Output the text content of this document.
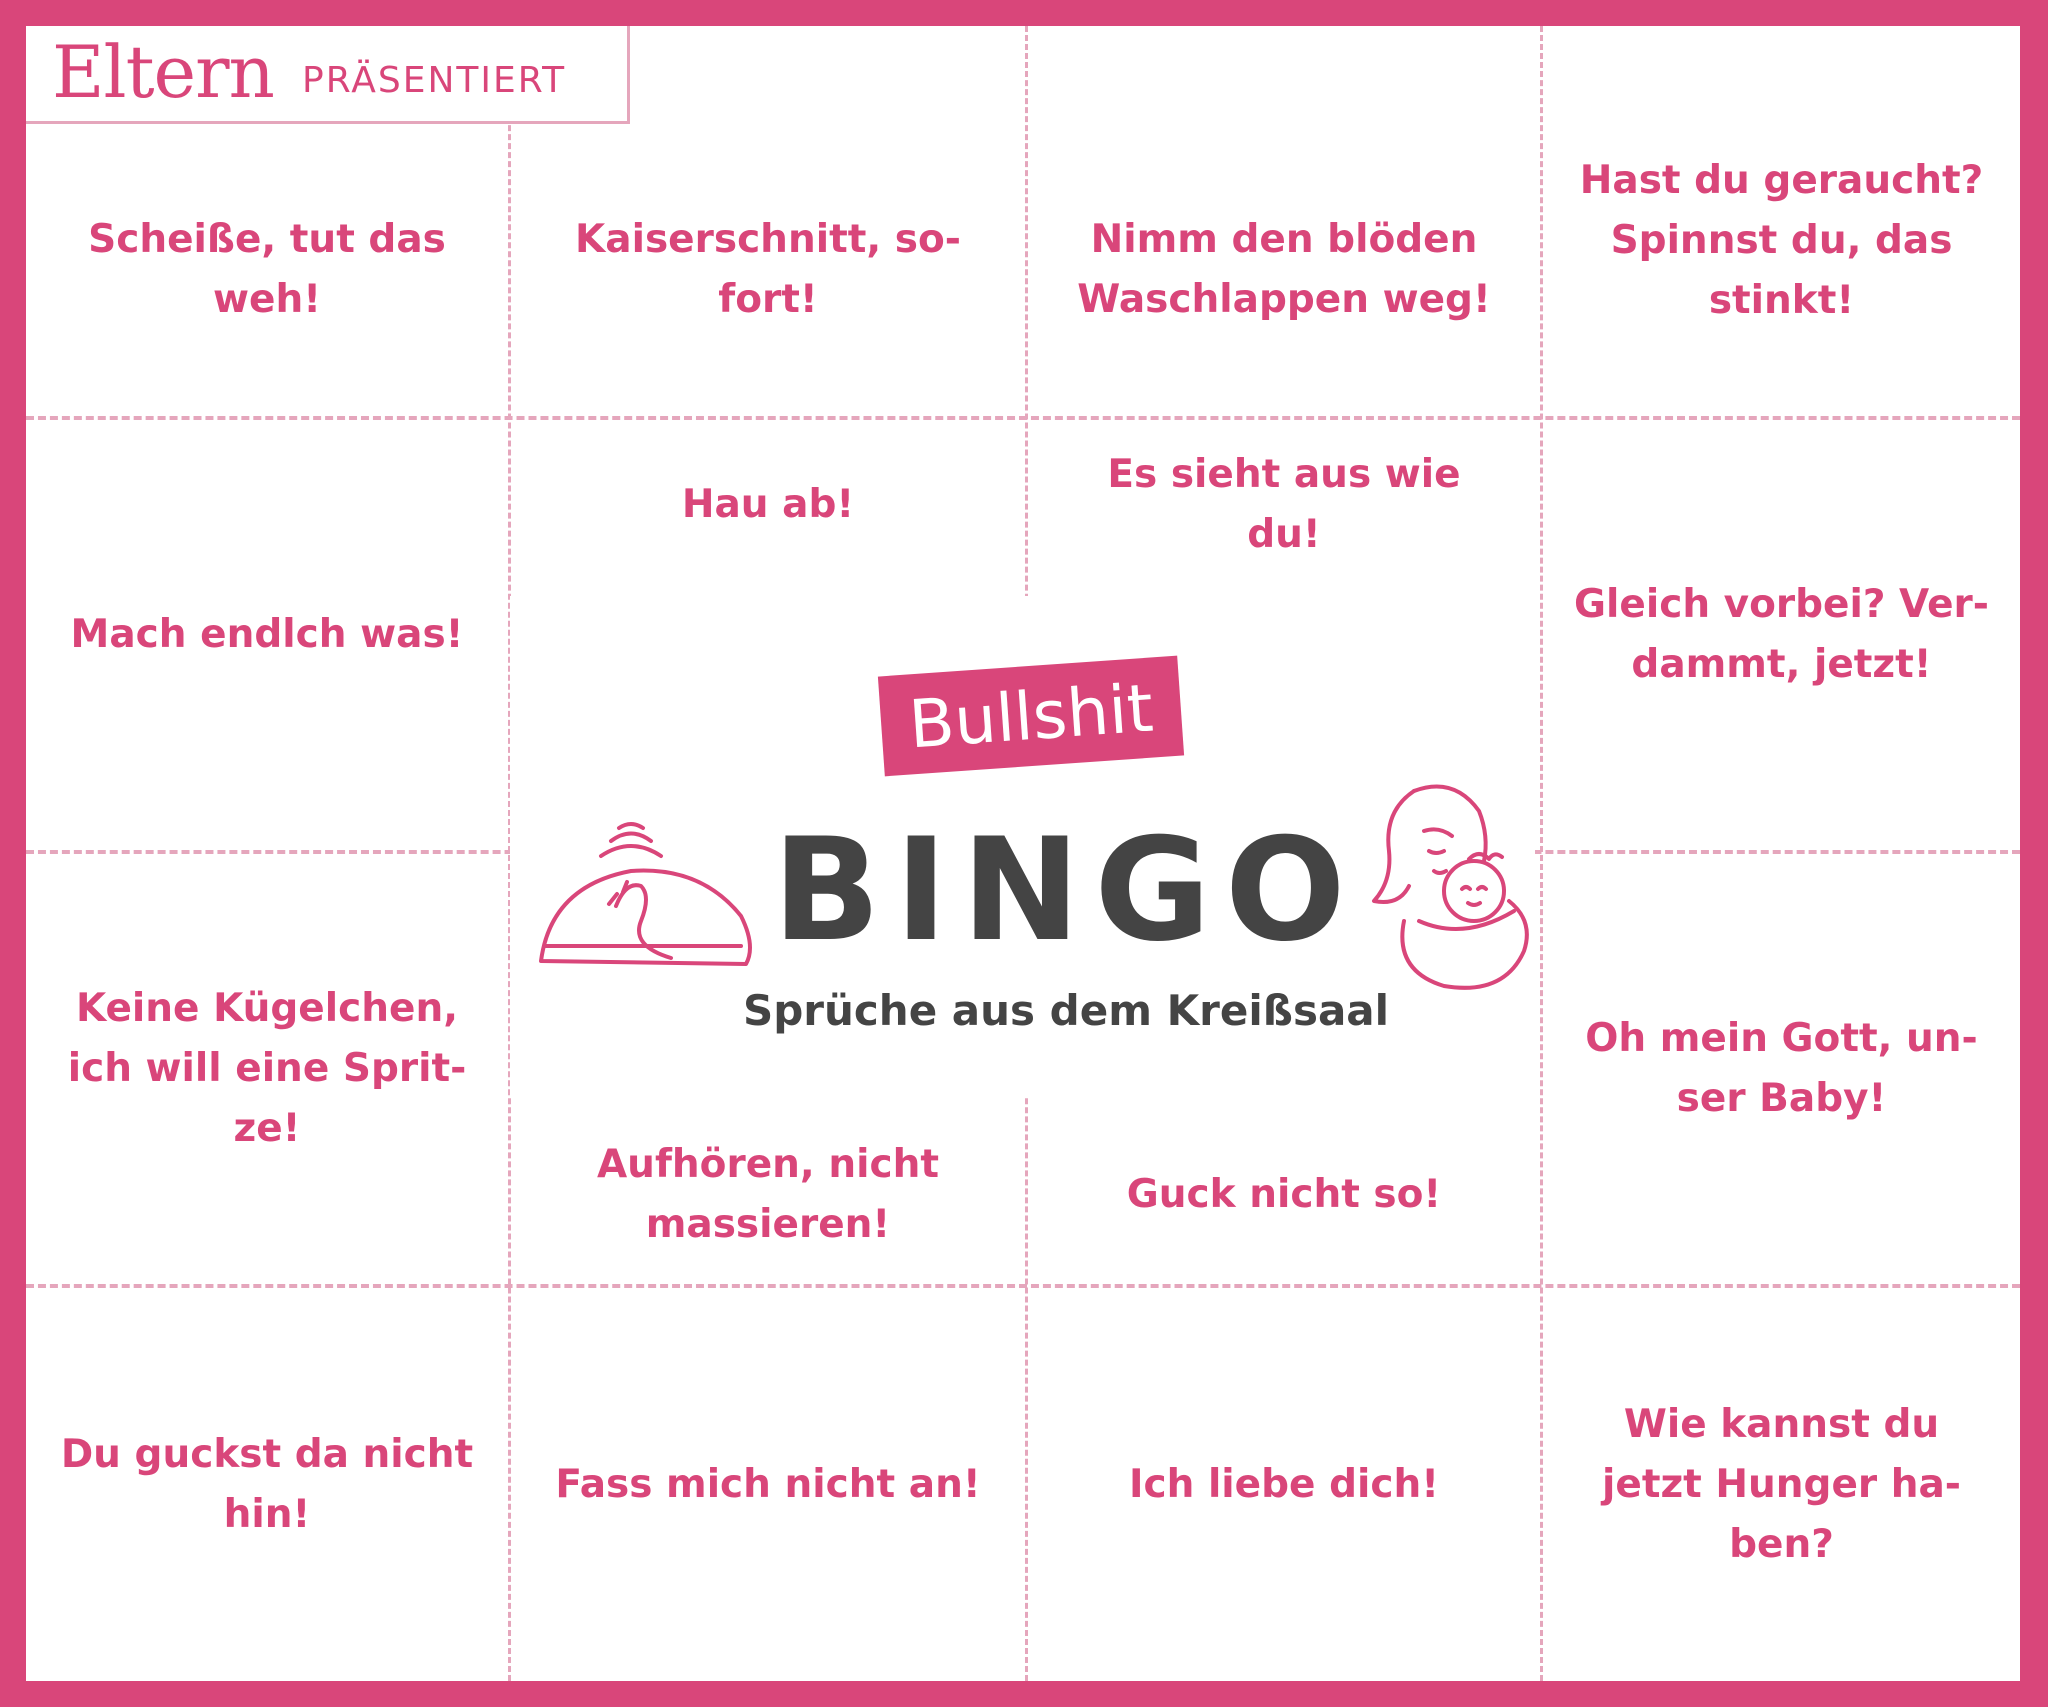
Eltern PRÄSENTIERT
Scheiße, tut das
weh!
Kaiserschnitt, so-
fort!
Nimm den blöden
Waschlappen weg!
Hast du geraucht?
Spinnst du, das
stinkt!
Mach endlch was!
Hau ab!
Es sieht aus wie
du!
Gleich vorbei? Ver-
dammt, jetzt!
Keine Kügelchen,
ich will eine Sprit-
ze!
Aufhören, nicht
massieren!
Guck nicht so!
Oh mein Gott, un-
ser Baby!
Du guckst da nicht
hin!
Fass mich nicht an!	Ich liebe dich!
Wie kannst du
jetzt Hunger ha-
ben?
Bullshit
BINGO
Sprüche aus dem Kreißsaal
